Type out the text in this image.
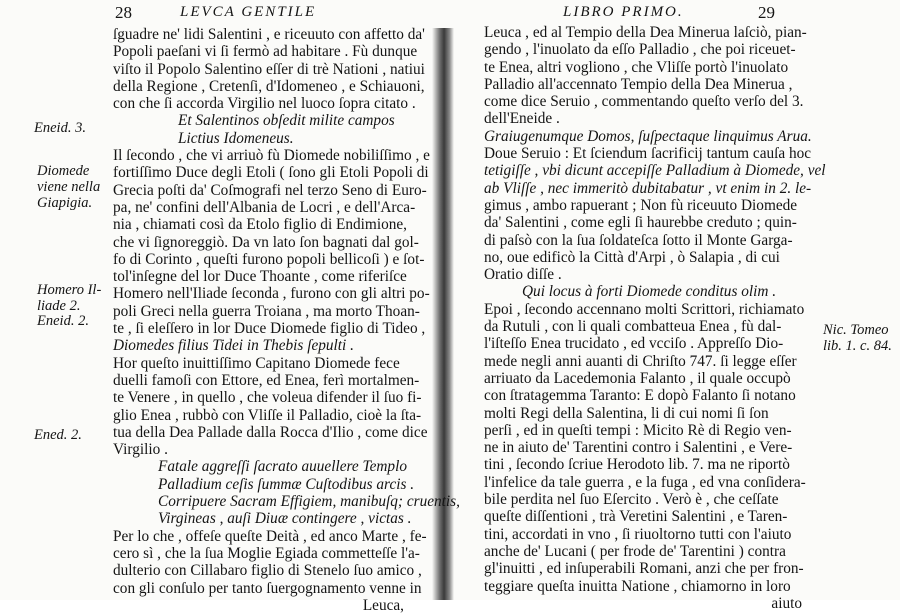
28	LEVCA GENTILE
ſguadre ne' lidi Salentini , e riceuuto con affetto da'
Popoli paeſani vi ſi fermò ad habitare . Fù dunque
viſto il Popolo Salentino eſſer di trè Nationi , natiui
della Regione , Cretenſi, d'Idomeneo , e Schiauoni,
con che ſi accorda Virgilio nel luoco ſopra citato .
Et Salentinos obſedit milite campos
Lictius Idomeneus.
Il ſecondo , che vi arriuò fù Diomede nobiliſſimo , e
fortiſſimo Duce degli Etoli ( ſono gli Etoli Popoli di
Grecia poſti da' Coſmografi nel terzo Seno di Euro-
pa, ne' confini dell'Albania de Locri , e dell'Arca-
nia , chiamati così da Etolo figlio di Endimione,
che vi ſignoreggiò. Da vn lato ſon bagnati dal gol-
fo di Corinto , queſti furono popoli bellicoſi ) e ſot-
tol'inſegne del lor Duce Thoante , come riferiſce
Homero nell'Iliade ſeconda , furono con gli altri po-
poli Greci nella guerra Troiana , ma morto Thoan-
te , ſi eleſſero in lor Duce Diomede figlio di Tideo ,
Diomedes filius Tidei in Thebis ſepulti .
Hor queſto inuittiſſimo Capitano Diomede fece
duelli famoſi con Ettore, ed Enea, ferì mortalmen-
te Venere , in quello , che voleua difender il ſuo fi-
glio Enea , rubbò con Vliſſe il Palladio, cioè la ſta-
tua della Dea Pallade dalla Rocca d'Ilio , come dice
Virgilio .
Fatale aggreſſi ſacrato auuellere Templo
Palladium ceſis ſummæ Cuſtodibus arcis .
Corripuere Sacram Effigiem, manibuſq; cruentis,
Virgineas , auſi Diuæ contingere , victas .
Per lo che , offeſe queſte Deità , ed anco Marte , fe-
cero sì , che la ſua Moglie Egiada commetteſſe l'a-
dulterio con Cillabaro figlio di Stenelo ſuo amico ,
con gli conſulo per tanto ſuergognamento venne in
Leuca,
Eneid. 3.
Diomede viene nella Giapigia.
Homero Il-liade 2.
Eneid. 2.
Ened. 2.
LIBRO PRIMO.	29
Leuca , ed al Tempio della Dea Minerua laſciò, pian-
gendo , l'inuolato da eſſo Palladio , che poi riceuet-
te Enea, altri vogliono , che Vliſſe portò l'inuolato
Palladio all'accennato Tempio della Dea Minerua ,
come dice Seruio , commentando queſto verſo del 3.
dell'Eneide .
Graiugenumque Domos, ſuſpectaque linquimus Arua.
Doue Seruio : Et ſciendum ſacrificij tantum cauſa hoc
tetigiſſe , vbi dicunt accepiſſe Palladium à Diomede, vel
ab Vliſſe , nec immeritò dubitabatur , vt enim in 2. le-
gimus , ambo rapuerant ; Non fù riceuuto Diomede
da' Salentini , come egli ſi haurebbe creduto ; quin-
di paſsò con la ſua ſoldateſca ſotto il Monte Garga-
no, oue edificò la Città d'Arpi , ò Salapia , di cui
Oratio diſſe .
Qui locus à forti Diomede conditus olim .
Epoi , ſecondo accennano molti Scrittori, richiamato
da Rutuli , con li quali combatteua Enea , fù dal-
l'iſteſſo Enea trucidato , ed vcciſo . Appreſſo Dio-
mede negli anni auanti di Chriſto 747. ſi legge eſſer
arriuato da Lacedemonia Falanto , il quale occupò
con ſtratagemma Taranto: E dopò Falanto ſi notano
molti Regi della Salentina, li di cui nomi ſi ſon
perſi , ed in queſti tempi : Micito Rè di Regio ven-
ne in aiuto de' Tarentini contro i Salentini , e Vere-
tini , ſecondo ſcriue Herodoto lib. 7. ma ne riportò
l'infelice da tale guerra , e la fuga , ed vna conſidera-
bile perdita nel ſuo Eſercito . Verò è , che ceſſate
queſte diſſentioni , trà Veretini Salentini , e Taren-
tini, accordati in vno , ſi riuoltorno tutti con l'aiuto
anche de' Lucani ( per frode de' Tarentini ) contra
gl'inuitti , ed inſuperabili Romani, anzi che per fron-
teggiare queſta inuitta Natione , chiamorno in loro
aiuto
Nic. Tomeo lib. 1. c. 84.
